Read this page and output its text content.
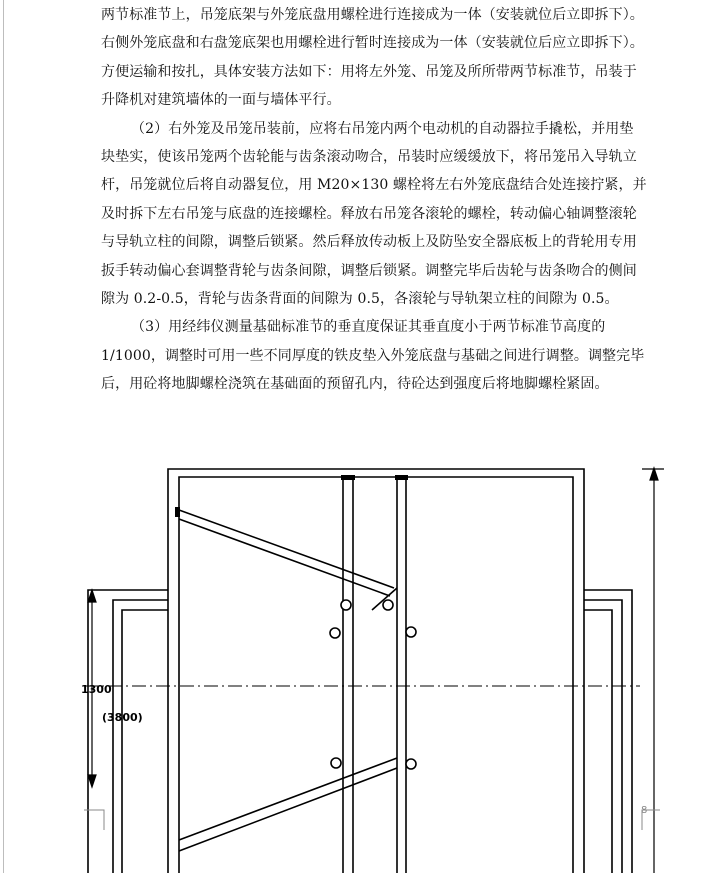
两节标准节上，吊笼底架与外笼底盘用螺栓进行连接成为一体（安装就位后立即拆下）。
右侧外笼底盘和右盘笼底架也用螺栓进行暂时连接成为一体（安装就位后应立即拆下）。
方便运输和按扎，具体安装方法如下：用将左外笼、吊笼及所所带两节标准节，吊装于
升降机对建筑墙体的一面与墙体平行。

（2）右外笼及吊笼吊装前，应将右吊笼内两个电动机的自动器拉手撬松，并用垫
块垫实，使该吊笼两个齿轮能与齿条滚动吻合，吊装时应缓缓放下，将吊笼吊入导轨立
杆，吊笼就位后将自动器复位，用 M20×130 螺栓将左右外笼底盘结合处连接拧紧，并
及时拆下左右吊笼与底盘的连接螺栓。释放右吊笼各滚轮的螺栓，转动偏心轴调整滚轮
与导轨立柱的间隙，调整后锁紧。然后释放传动板上及防坠安全器底板上的背轮用专用
扳手转动偏心套调整背轮与齿条间隙，调整后锁紧。调整完毕后齿轮与齿条吻合的侧间
隙为 0.2-0.5，背轮与齿条背面的间隙为 0.5，各滚轮与导轨架立柱的间隙为 0.5。

（3）用经纬仪测量基础标准节的垂直度保证其垂直度小于两节标准节高度的
1/1000，调整时可用一些不同厚度的铁皮垫入外笼底盘与基础之间进行调整。调整完毕
后，用砼将地脚螺栓浇筑在基础面的预留孔内，待砼达到强度后将地脚螺栓紧固。

1300
(3800)
8
